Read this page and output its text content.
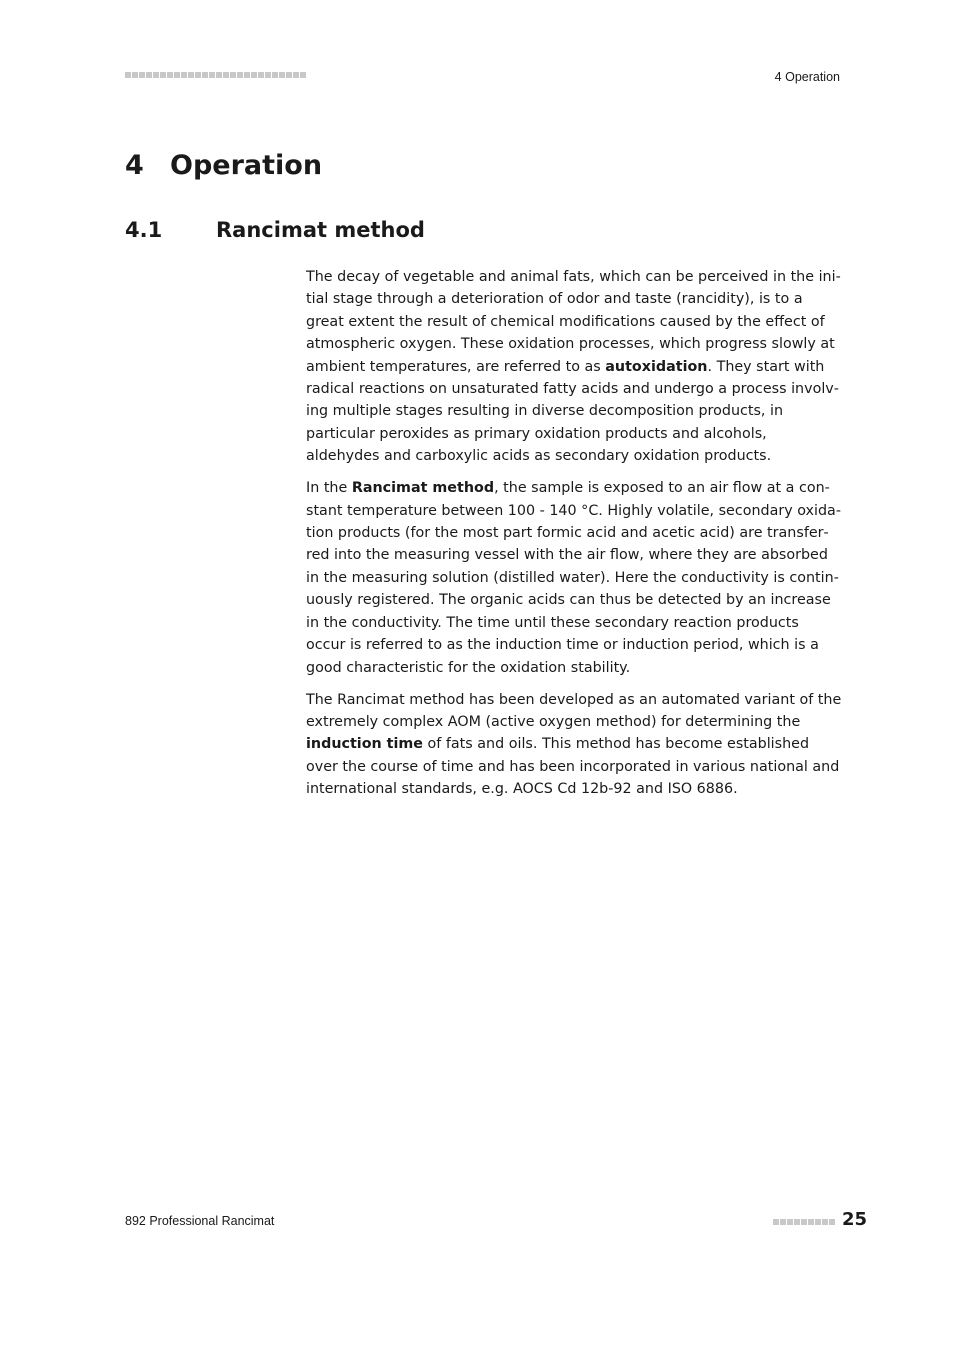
4 Operation
4 Operation
4.1	Rancimat method

The decay of vegetable and animal fats, which can be perceived in the initial stage through a deterioration of odor and taste (rancidity), is to a great extent the result of chemical modifications caused by the effect of atmospheric oxygen. These oxidation processes, which progress slowly at ambient temperatures, are referred to as autoxidation. They start with radical reactions on unsaturated fatty acids and undergo a process involving multiple stages resulting in diverse decomposition products, in particular peroxides as primary oxidation products and alcohols, aldehydes and carboxylic acids as secondary oxidation products.

In the Rancimat method, the sample is exposed to an air flow at a constant temperature between 100 - 140 °C. Highly volatile, secondary oxidation products (for the most part formic acid and acetic acid) are transferred into the measuring vessel with the air flow, where they are absorbed in the measuring solution (distilled water). Here the conductivity is continuously registered. The organic acids can thus be detected by an increase in the conductivity. The time until these secondary reaction products occur is referred to as the induction time or induction period, which is a good characteristic for the oxidation stability.

The Rancimat method has been developed as an automated variant of the extremely complex AOM (active oxygen method) for determining the induction time of fats and oils. This method has become established over the course of time and has been incorporated in various national and international standards, e.g. AOCS Cd 12b-92 and ISO 6886.

892 Professional Rancimat	25
